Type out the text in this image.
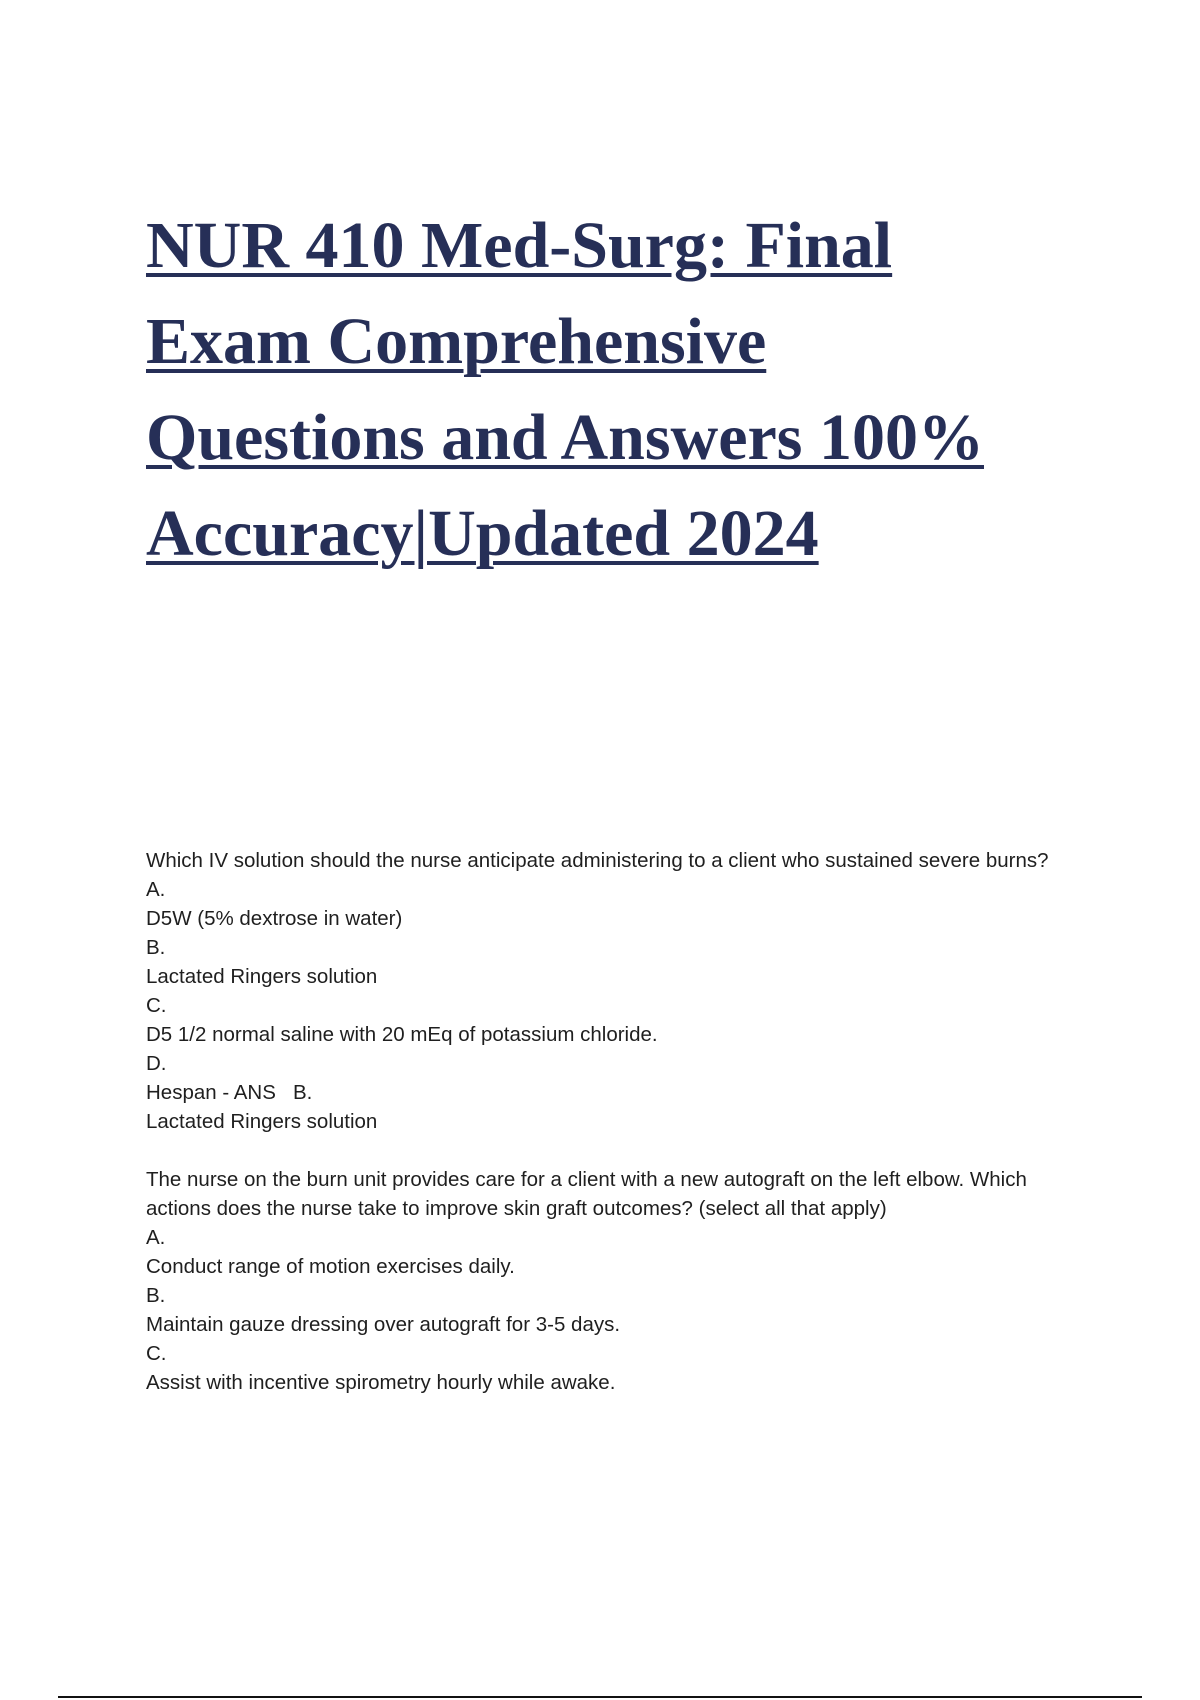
NUR 410 Med-Surg: Final
Exam Comprehensive
Questions and Answers 100%
Accuracy|Updated 2024

Which IV solution should the nurse anticipate administering to a client who sustained severe burns?

A.
D5W (5% dextrose in water)
B.
Lactated Ringers solution
C.
D5 1/2 normal saline with 20 mEq of potassium chloride.
D.
Hespan - ANS   B.
Lactated Ringers solution

The nurse on the burn unit provides care for a client with a new autograft on the left elbow. Which actions does the nurse take to improve skin graft outcomes? (select all that apply)

A.
Conduct range of motion exercises daily.
B.
Maintain gauze dressing over autograft for 3-5 days.
C.
Assist with incentive spirometry hourly while awake.
